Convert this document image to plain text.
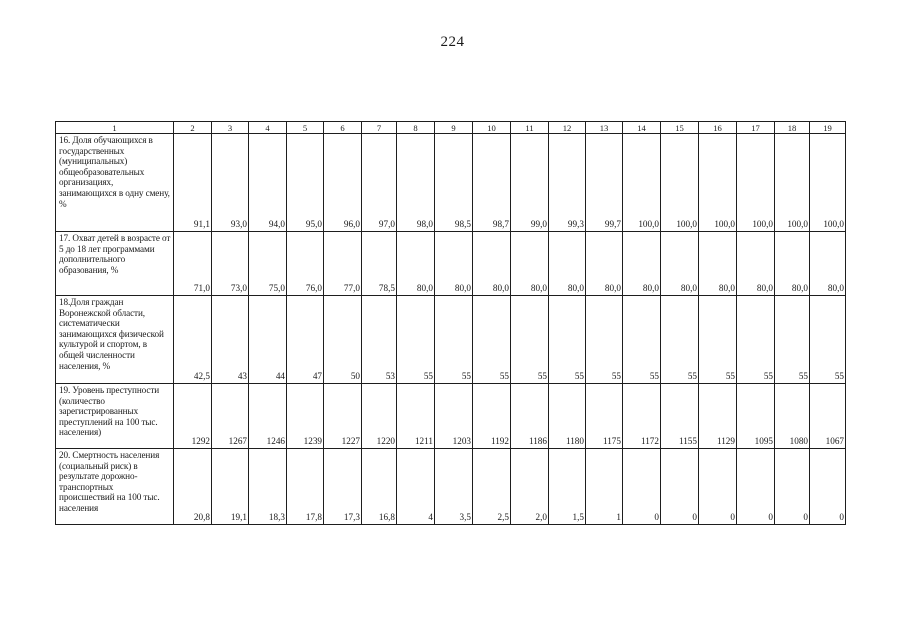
224
1	2	3	4	5	6	7	8	9	10	11	12	13	14	15	16	17	18	19
16. Доля обучающихся в государственных (муниципальных) общеобразовательных организациях, занимающихся в одну смену, %	91,1	93,0	94,0	95,0	96,0	97,0	98,0	98,5	98,7	99,0	99,3	99,7	100,0	100,0	100,0	100,0	100,0	100,0
17. Охват детей в возрасте от 5 до 18 лет программами дополнительного образования, %	71,0	73,0	75,0	76,0	77,0	78,5	80,0	80,0	80,0	80,0	80,0	80,0	80,0	80,0	80,0	80,0	80,0	80,0
18.Доля граждан Воронежской области, систематически занимающихся физической культурой и спортом, в общей численности населения, %	42,5	43	44	47	50	53	55	55	55	55	55	55	55	55	55	55	55	55
19. Уровень преступности (количество зарегистрированных преступлений на 100 тыс. населения)	1292	1267	1246	1239	1227	1220	1211	1203	1192	1186	1180	1175	1172	1155	1129	1095	1080	1067
20. Смертность населения (социальный риск) в результате дорожно-транспортных происшествий на 100 тыс. населения	20,8	19,1	18,3	17,8	17,3	16,8	4	3,5	2,5	2,0	1,5	1	0	0	0	0	0	0
